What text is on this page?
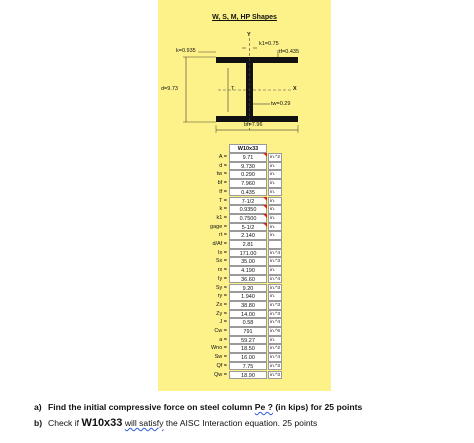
W, S, M, HP Shapes
Y
k1=0.75
tf=0.435
k=0.935
d=9.73	T	X
tw=0.29
bf=7.96
W10x33
A =	9.71	in.^2
d =	9.730	in.
tw =	0.290	in.
bf =	7.960	in.
tf =	0.435	in.
T =	7-1/2	in.
k =	0.9350	in.
k1 =	0.7500	in.
gage =	5-1/2	in.
rt =	2.140	in.
d/Af =	2.81
Ix =	171.00	in.^4
Sx =	35.00	in.^3
rx =	4.190	in.
Iy =	36.60	in.^4
Sy =	9.20	in.^3
ry =	1.940	in.
Zx =	38.80	in.^3
Zy =	14.00	in.^3
J =	0.58	in.^4
Cw =	791	in.^6
a =	59.27	in.
Wno =	18.50	in.^2
Sw =	16.00	in.^4
Qf =	7.75	in.^3
Qw =	18.90	in.^3
a) Find the initial compressive force on steel column Pe ? (in kips) for 25 points
b) Check if W10x33 will satisfy the AISC Interaction equation. 25 points
